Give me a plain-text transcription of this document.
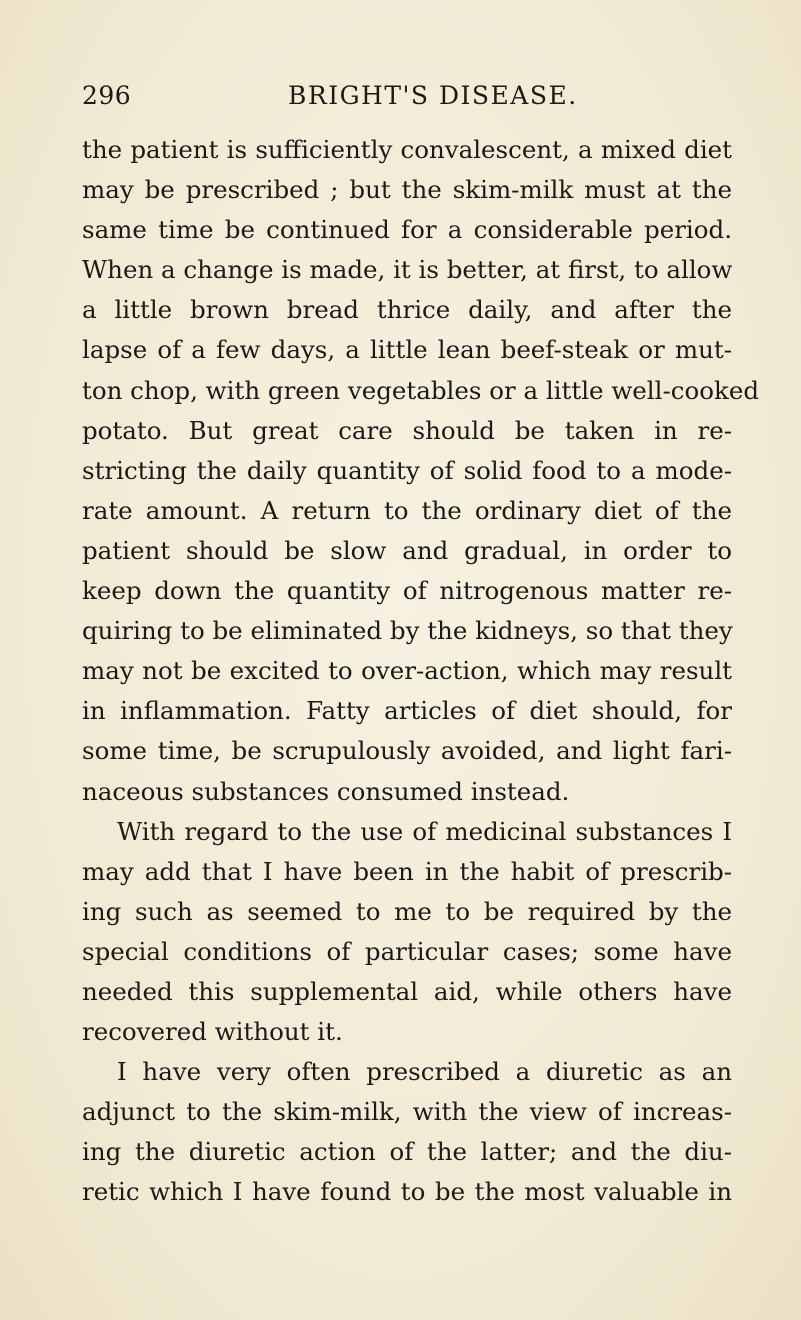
296	BRIGHT'S DISEASE.
the patient is sufficiently convalescent, a mixed diet
may be prescribed ; but the skim-milk must at the
same time be continued for a considerable period.
When a change is made, it is better, at first, to allow
a little brown bread thrice daily, and after the
lapse of a few days, a little lean beef-steak or mut-
ton chop, with green vegetables or a little well-cooked
potato. But great care should be taken in re-
stricting the daily quantity of solid food to a mode-
rate amount. A return to the ordinary diet of the
patient should be slow and gradual, in order to
keep down the quantity of nitrogenous matter re-
quiring to be eliminated by the kidneys, so that they
may not be excited to over-action, which may result
in inflammation. Fatty articles of diet should, for
some time, be scrupulously avoided, and light fari-
naceous substances consumed instead.
With regard to the use of medicinal substances I
may add that I have been in the habit of prescrib-
ing such as seemed to me to be required by the
special conditions of particular cases; some have
needed this supplemental aid, while others have
recovered without it.
I have very often prescribed a diuretic as an
adjunct to the skim-milk, with the view of increas-
ing the diuretic action of the latter; and the diu-
retic which I have found to be the most valuable in
